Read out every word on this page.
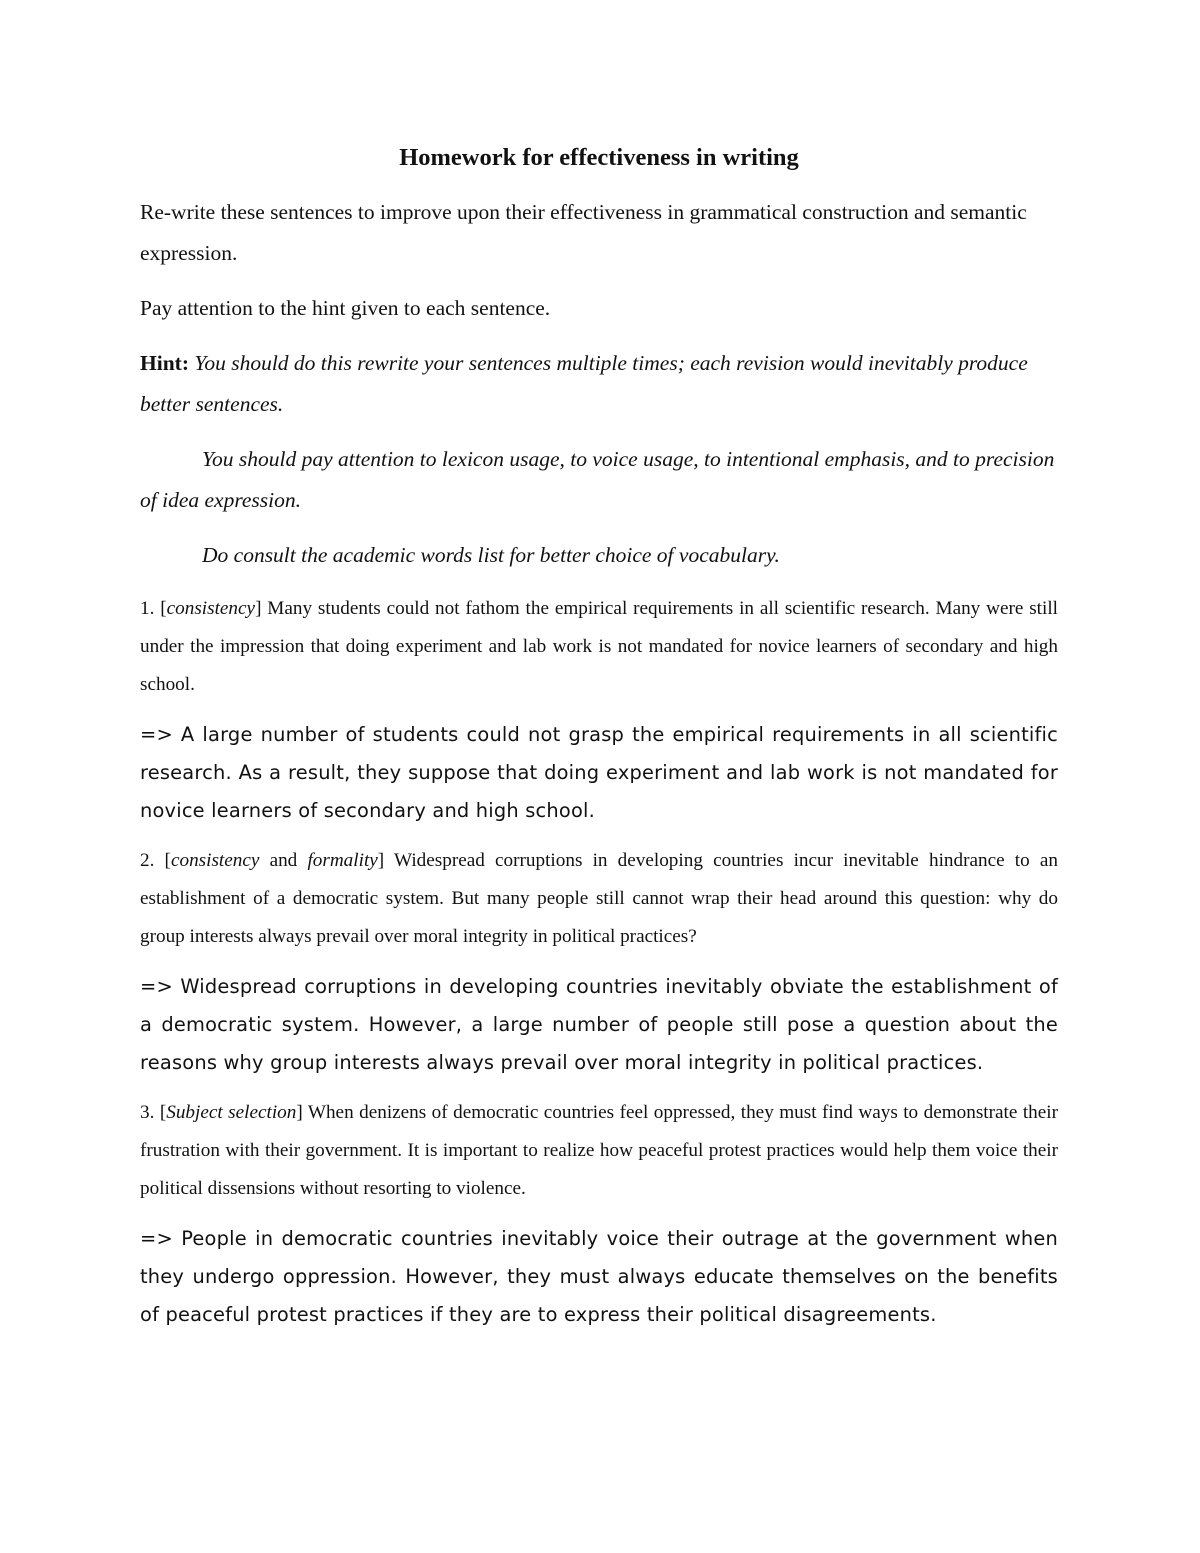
Homework for effectiveness in writing

Re-write these sentences to improve upon their effectiveness in grammatical construction and semantic expression.

Pay attention to the hint given to each sentence.

Hint: You should do this rewrite your sentences multiple times; each revision would inevitably produce better sentences.

You should pay attention to lexicon usage, to voice usage, to intentional emphasis, and to precision of idea expression.

Do consult the academic words list for better choice of vocabulary.

1. [consistency] Many students could not fathom the empirical requirements in all scientific research. Many were still under the impression that doing experiment and lab work is not mandated for novice learners of secondary and high school.

=> A large number of students could not grasp the empirical requirements in all scientific research. As a result, they suppose that doing experiment and lab work is not mandated for novice learners of secondary and high school.

2. [consistency and formality] Widespread corruptions in developing countries incur inevitable hindrance to an establishment of a democratic system. But many people still cannot wrap their head around this question: why do group interests always prevail over moral integrity in political practices?

=> Widespread corruptions in developing countries inevitably obviate the establishment of a democratic system. However, a large number of people still pose a question about the reasons why group interests always prevail over moral integrity in political practices.

3. [Subject selection] When denizens of democratic countries feel oppressed, they must find ways to demonstrate their frustration with their government. It is important to realize how peaceful protest practices would help them voice their political dissensions without resorting to violence.

=> People in democratic countries inevitably voice their outrage at the government when they undergo oppression. However, they must always educate themselves on the benefits of peaceful protest practices if they are to express their political disagreements.
